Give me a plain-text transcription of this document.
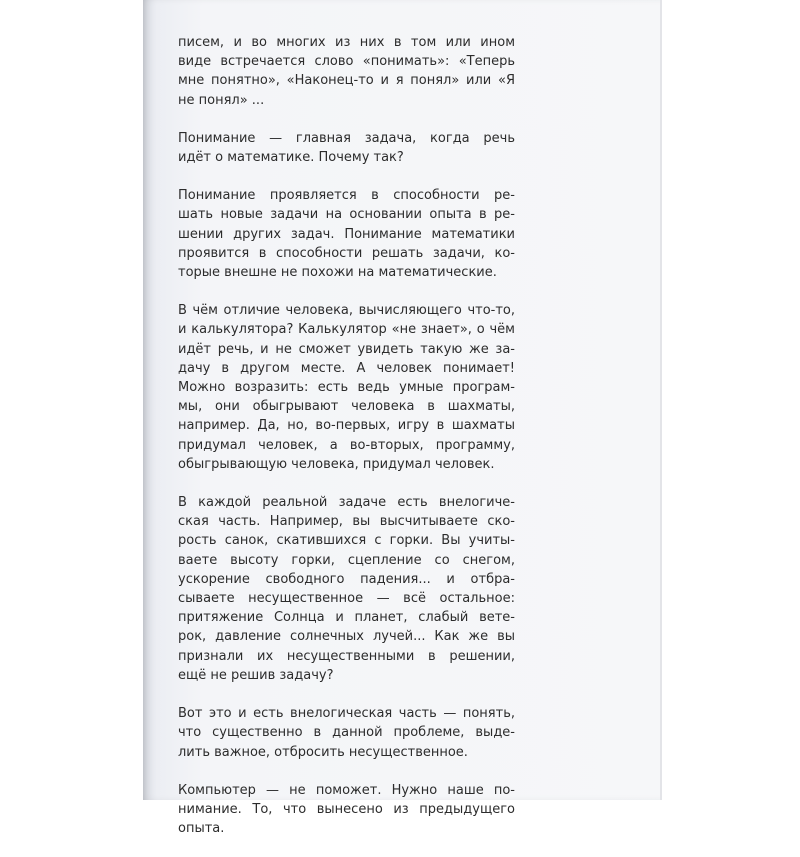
писем, и во многих из них в том или ином
виде встречается слово «понимать»: «Теперь
мне понятно», «Наконец-то и я понял» или «Я
не понял» ...
Понимание — главная задача, когда речь
идёт о математике. Почему так?
Понимание проявляется в способности ре-
шать новые задачи на основании опыта в ре-
шении других задач. Понимание математики
проявится в способности решать задачи, ко-
торые внешне не похожи на математические.
В чём отличие человека, вычисляющего что-то,
и калькулятора? Калькулятор «не знает», о чём
идёт речь, и не сможет увидеть такую же за-
дачу в другом месте. А человек понимает!
Можно возразить: есть ведь умные програм-
мы, они обыгрывают человека в шахматы,
например. Да, но, во-первых, игру в шахматы
придумал человек, а во-вторых, программу,
обыгрывающую человека, придумал человек.
В каждой реальной задаче есть внелогиче-
ская часть. Например, вы высчитываете ско-
рость санок, скатившихся с горки. Вы учиты-
ваете высоту горки, сцепление со снегом,
ускорение свободного падения... и отбра-
сываете несущественное — всё остальное:
притяжение Солнца и планет, слабый вете-
рок, давление солнечных лучей... Как же вы
признали их несущественными в решении,
ещё не решив задачу?
Вот это и есть внелогическая часть — понять,
что существенно в данной проблеме, выде-
лить важное, отбросить несущественное.
Компьютер — не поможет. Нужно наше по-
нимание. То, что вынесено из предыдущего
опыта.
